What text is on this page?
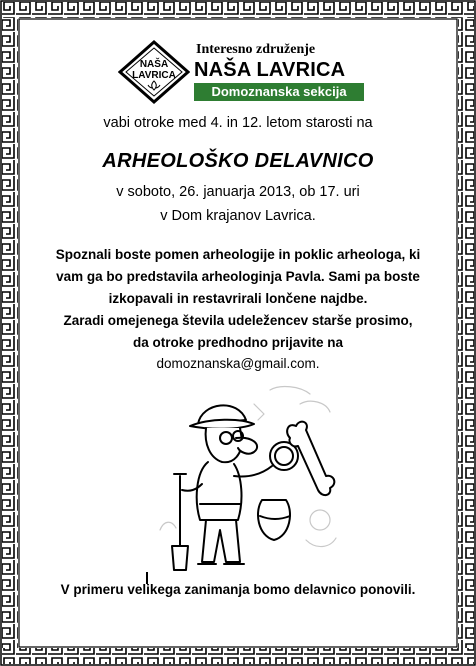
NAŠA
LAVRICA
Interesno združenje
NAŠA LAVRICA
Domoznanska sekcija
vabi otroke med 4. in 12. letom starosti na
ARHEOLOŠKO DELAVNICO
v soboto, 26. januarja 2013, ob 17. uri
v Dom krajanov Lavrica.
Spoznali boste pomen arheologije in poklic arheologa, ki
vam ga bo predstavila arheologinja Pavla. Sami pa boste
izkopavali in restavrirali lončene najdbe.
Zaradi omejenega števila udeležencev starše prosimo,
da otroke predhodno prijavite na
domoznanska@gmail.com.
V primeru velikega zanimanja bomo delavnico ponovili.
